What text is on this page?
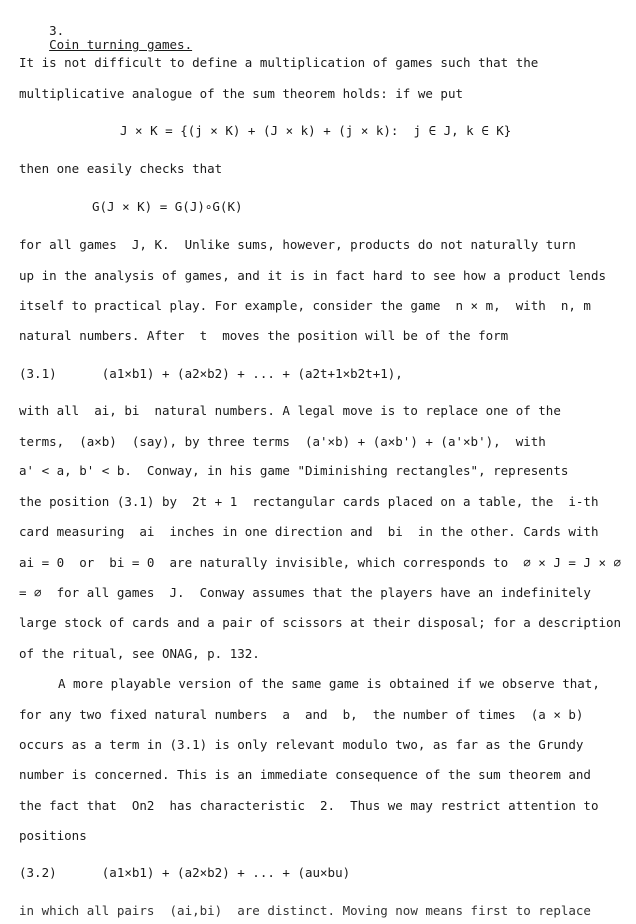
3.
Coin turning games.

It is not difficult to define a multiplication of games such that the
multiplicative analogue of the sum theorem holds: if we put
J × K = {(j × K) + (J × k) + (j × k):  j ∈ J, k ∈ K}
then one easily checks that
G(J × K) = G(J)∘G(K)
for all games  J, K.  Unlike sums, however, products do not naturally turn
up in the analysis of games, and it is in fact hard to see how a product lends
itself to practical play. For example, consider the game  n × m,  with  n, m
natural numbers. After  t  moves the position will be of the form
(3.1)      (a1×b1) + (a2×b2) + ... + (a2t+1×b2t+1),
with all  ai, bi  natural numbers. A legal move is to replace one of the
terms,  (a×b)  (say), by three terms  (a'×b) + (a×b') + (a'×b'),  with
a' < a, b' < b.  Conway, in his game "Diminishing rectangles", represents
the position (3.1) by  2t + 1  rectangular cards placed on a table, the  i-th
card measuring  ai  inches in one direction and  bi  in the other. Cards with
ai = 0  or  bi = 0  are naturally invisible, which corresponds to  ∅ × J = J × ∅
= ∅  for all games  J.  Conway assumes that the players have an indefinitely
large stock of cards and a pair of scissors at their disposal; for a description
of the ritual, see ONAG, p. 132.
A more playable version of the same game is obtained if we observe that,
for any two fixed natural numbers  a  and  b,  the number of times  (a × b)
occurs as a term in (3.1) is only relevant modulo two, as far as the Grundy
number is concerned. This is an immediate consequence of the sum theorem and
the fact that  On2  has characteristic  2.  Thus we may restrict attention to
positions
(3.2)      (a1×b1) + (a2×b2) + ... + (au×bu)
in which all pairs  (ai,bi)  are distinct. Moving now means first to replace
